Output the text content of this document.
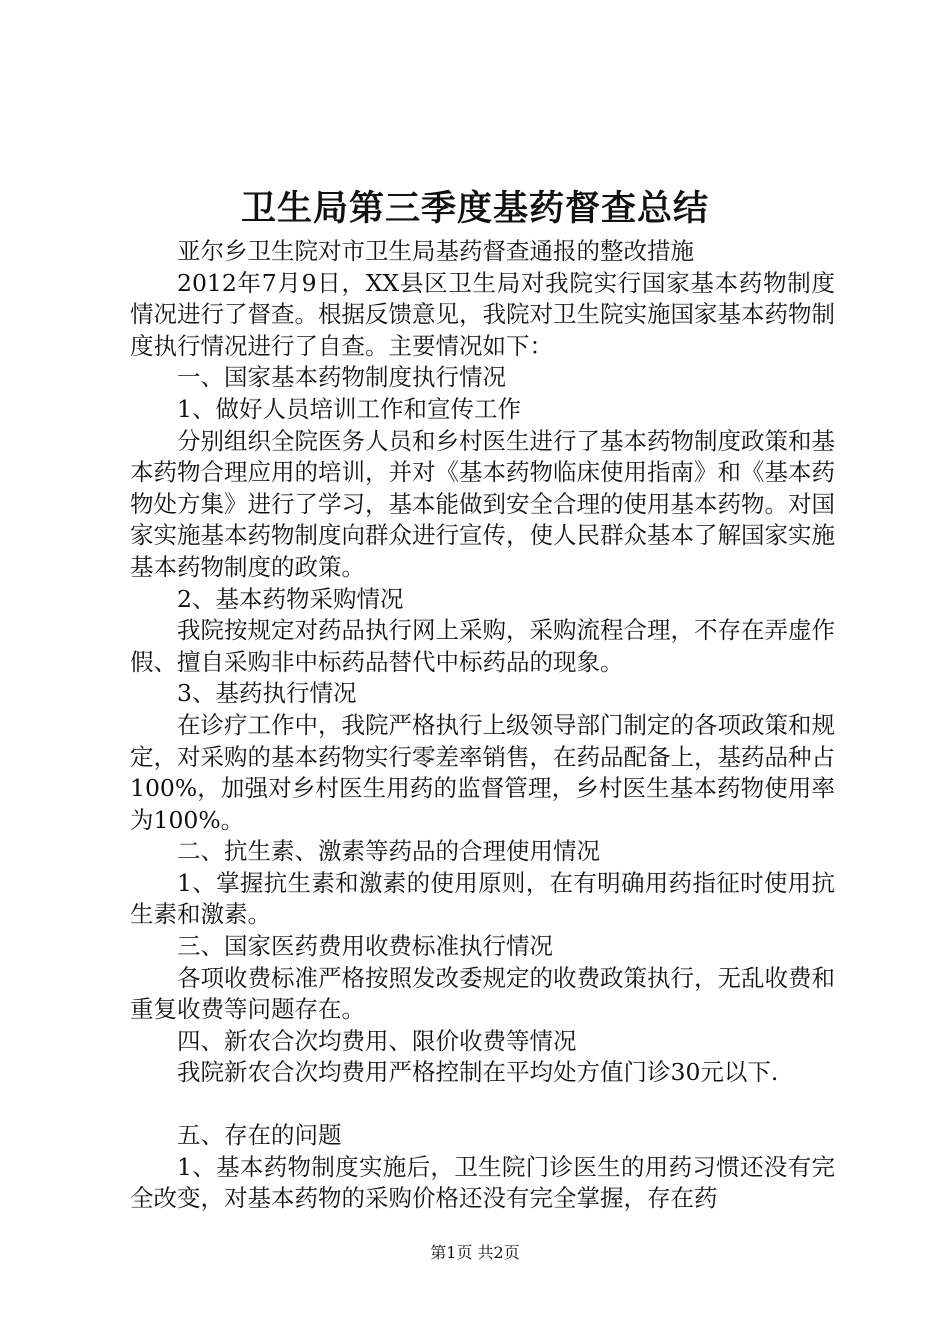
卫生局第三季度基药督查总结

亚尔乡卫生院对市卫生局基药督查通报的整改措施

2012年7月9日，XX县区卫生局对我院实行国家基本药物制度情况进行了督查。根据反馈意见，我院对卫生院实施国家基本药物制度执行情况进行了自查。主要情况如下：

一、国家基本药物制度执行情况

1、做好人员培训工作和宣传工作

分别组织全院医务人员和乡村医生进行了基本药物制度政策和基本药物合理应用的培训，并对《基本药物临床使用指南》和《基本药物处方集》进行了学习，基本能做到安全合理的使用基本药物。对国家实施基本药物制度向群众进行宣传，使人民群众基本了解国家实施基本药物制度的政策。

2、基本药物采购情况

我院按规定对药品执行网上采购，采购流程合理，不存在弄虚作假、擅自采购非中标药品替代中标药品的现象。

3、基药执行情况

在诊疗工作中，我院严格执行上级领导部门制定的各项政策和规定，对采购的基本药物实行零差率销售，在药品配备上，基药品种占100%，加强对乡村医生用药的监督管理，乡村医生基本药物使用率为100%。

二、抗生素、激素等药品的合理使用情况

1、掌握抗生素和激素的使用原则，在有明确用药指征时使用抗生素和激素。

三、国家医药费用收费标准执行情况

各项收费标准严格按照发改委规定的收费政策执行，无乱收费和重复收费等问题存在。

四、新农合次均费用、限价收费等情况

我院新农合次均费用严格控制在平均处方值门诊30元以下.

五、存在的问题

1、基本药物制度实施后，卫生院门诊医生的用药习惯还没有完全改变，对基本药物的采购价格还没有完全掌握，存在药

第1页 共2页
